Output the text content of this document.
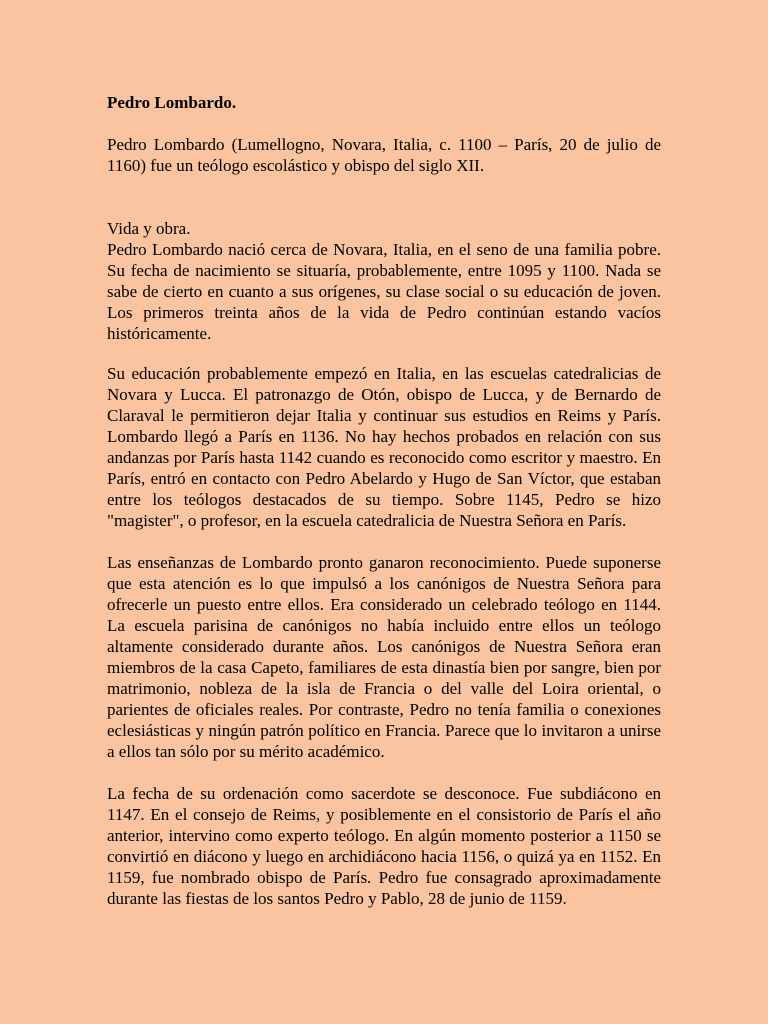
Pedro Lombardo.

Pedro Lombardo (Lumellogno, Novara, Italia, c. 1100 – París, 20 de julio de 1160) fue un teólogo escolástico y obispo del siglo XII.

Vida y obra.
Pedro Lombardo nació cerca de Novara, Italia, en el seno de una familia pobre. Su fecha de nacimiento se situaría, probablemente, entre 1095 y 1100. Nada se sabe de cierto en cuanto a sus orígenes, su clase social o su educación de joven. Los primeros treinta años de la vida de Pedro continúan estando vacíos históricamente.

Su educación probablemente empezó en Italia, en las escuelas catedralicias de Novara y Lucca. El patronazgo de Otón, obispo de Lucca, y de Bernardo de Claraval le permitieron dejar Italia y continuar sus estudios en Reims y París. Lombardo llegó a París en 1136. No hay hechos probados en relación con sus andanzas por París hasta 1142 cuando es reconocido como escritor y maestro. En París, entró en contacto con Pedro Abelardo y Hugo de San Víctor, que estaban entre los teólogos destacados de su tiempo. Sobre 1145, Pedro se hizo "magister", o profesor, en la escuela catedralicia de Nuestra Señora en París.

Las enseñanzas de Lombardo pronto ganaron reconocimiento. Puede suponerse que esta atención es lo que impulsó a los canónigos de Nuestra Señora para ofrecerle un puesto entre ellos. Era considerado un celebrado teólogo en 1144. La escuela parisina de canónigos no había incluido entre ellos un teólogo altamente considerado durante años. Los canónigos de Nuestra Señora eran miembros de la casa Capeto, familiares de esta dinastía bien por sangre, bien por matrimonio, nobleza de la isla de Francia o del valle del Loira oriental, o parientes de oficiales reales. Por contraste, Pedro no tenía familia o conexiones eclesiásticas y ningún patrón político en Francia. Parece que lo invitaron a unirse a ellos tan sólo por su mérito académico.

La fecha de su ordenación como sacerdote se desconoce. Fue subdiácono en 1147. En el consejo de Reims, y posiblemente en el consistorio de París el año anterior, intervino como experto teólogo. En algún momento posterior a 1150 se convirtió en diácono y luego en archidiácono hacia 1156, o quizá ya en 1152. En 1159, fue nombrado obispo de París. Pedro fue consagrado aproximadamente durante las fiestas de los santos Pedro y Pablo, 28 de junio de 1159.
